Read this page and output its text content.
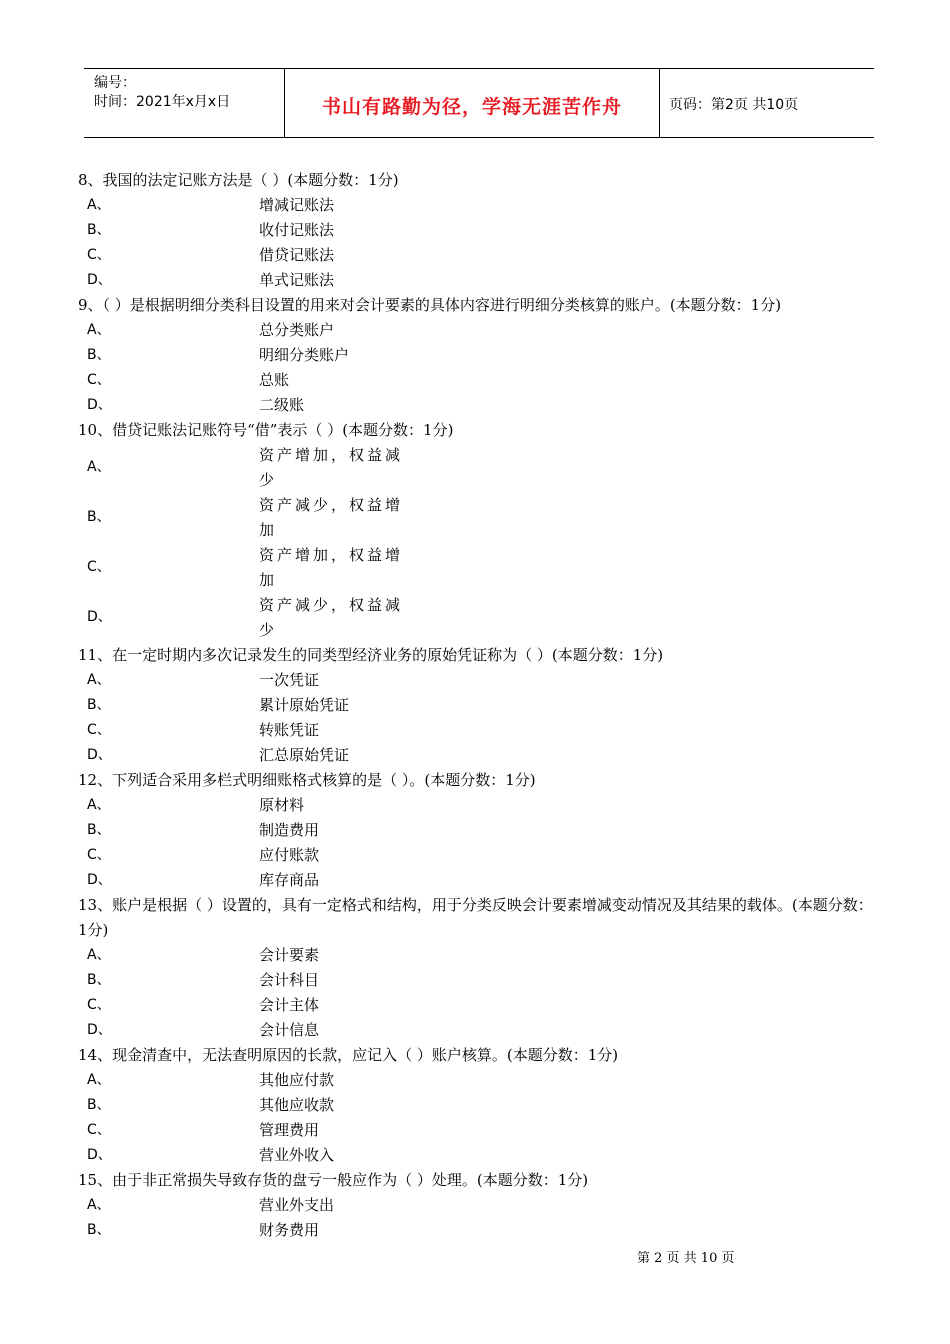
编号：
时间：2021年x月x日	书山有路勤为径，学海无涯苦作舟	页码：第2页 共10页
8、我国的法定记账方法是（ ）(本题分数：1分)
A、	增减记账法
B、	收付记账法
C、	借贷记账法
D、	单式记账法
9、（ ）是根据明细分类科目设置的用来对会计要素的具体内容进行明细分类核算的账户。(本题分数：1分)
A、	总分类账户
B、	明细分类账户
C、	总账
D、	二级账
10、借贷记账法记账符号“借”表示（ ）(本题分数：1分)
A、
资产增加，权益减少
B、
资产减少，权益增加
C、
资产增加，权益增加
D、
资产减少，权益减少
11、在一定时期内多次记录发生的同类型经济业务的原始凭证称为（ ）(本题分数：1分)
A、	一次凭证
B、	累计原始凭证
C、	转账凭证
D、	汇总原始凭证
12、下列适合采用多栏式明细账格式核算的是（ ）。(本题分数：1分)
A、	原材料
B、	制造费用
C、	应付账款
D、	库存商品
13、账户是根据（ ）设置的，具有一定格式和结构，用于分类反映会计要素增减变动情况及其结果的载体。(本题分数：1分)
A、	会计要素
B、	会计科目
C、	会计主体
D、	会计信息
14、现金清查中，无法查明原因的长款，应记入（ ）账户核算。(本题分数：1分)
A、	其他应付款
B、	其他应收款
C、	管理费用
D、	营业外收入
15、由于非正常损失导致存货的盘亏一般应作为（ ）处理。(本题分数：1分)
A、	营业外支出
B、	财务费用
第 2 页 共 10 页
